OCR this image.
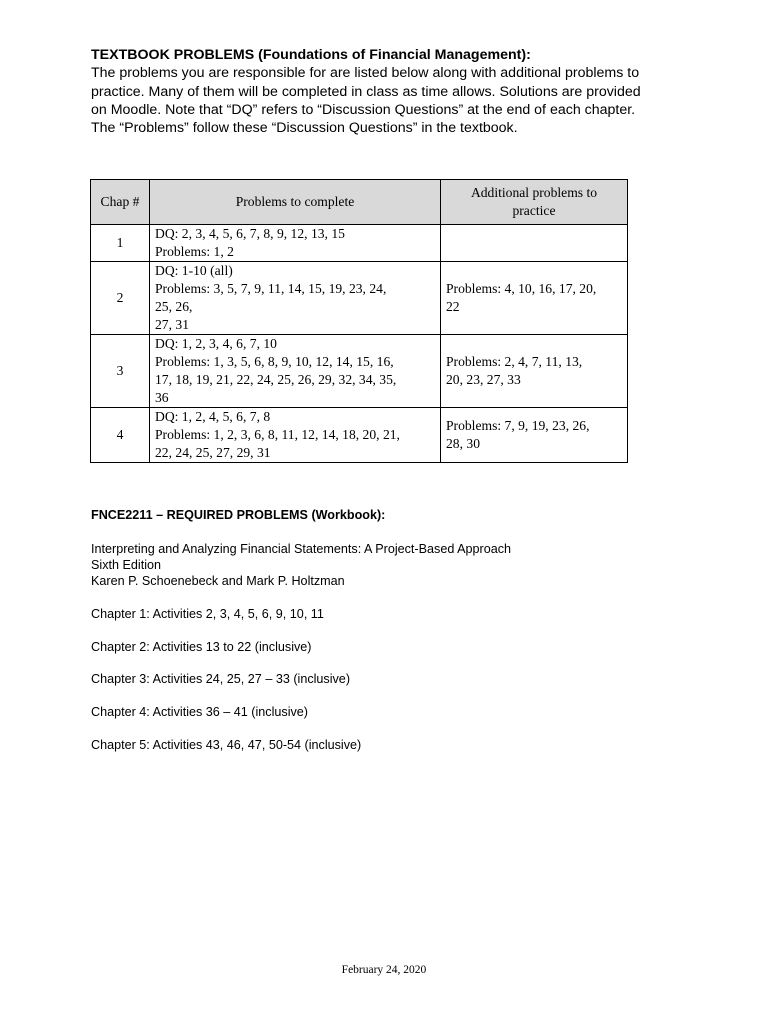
TEXTBOOK PROBLEMS (Foundations of Financial Management):
The problems you are responsible for are listed below along with additional problems to
practice. Many of them will be completed in class as time allows. Solutions are provided
on Moodle. Note that “DQ” refers to “Discussion Questions” at the end of each chapter.
The “Problems” follow these “Discussion Questions” in the textbook.
Chap #	Problems to complete	Additional problems to
practice

1	DQ: 2, 3, 4, 5, 6, 7, 8, 9, 12, 13, 15
Problems: 1, 2	

2	DQ: 1-10 (all)
Problems: 3, 5, 7, 9, 11, 14, 15, 19, 23, 24,
25, 26,
27, 31	Problems: 4, 10, 16, 17, 20,
22

3	DQ: 1, 2, 3, 4, 6, 7, 10
Problems: 1, 3, 5, 6, 8, 9, 10, 12, 14, 15, 16,
17, 18, 19, 21, 22, 24, 25, 26, 29, 32, 34, 35,
36	Problems: 2, 4, 7, 11, 13,
20, 23, 27, 33

4	DQ: 1, 2, 4, 5, 6, 7, 8
Problems: 1, 2, 3, 6, 8, 11, 12, 14, 18, 20, 21,
22, 24, 25, 27, 29, 31	Problems: 7, 9, 19, 23, 26,
28, 30
FNCE2211 – REQUIRED PROBLEMS (Workbook):
Interpreting and Analyzing Financial Statements: A Project-Based Approach
Sixth Edition
Karen P. Schoenebeck and Mark P. Holtzman
Chapter 1: Activities 2, 3, 4, 5, 6, 9, 10, 11
Chapter 2: Activities 13 to 22 (inclusive)
Chapter 3: Activities 24, 25, 27 – 33 (inclusive)
Chapter 4: Activities 36 – 41 (inclusive)
Chapter 5: Activities 43, 46, 47, 50-54 (inclusive)
February 24, 2020
